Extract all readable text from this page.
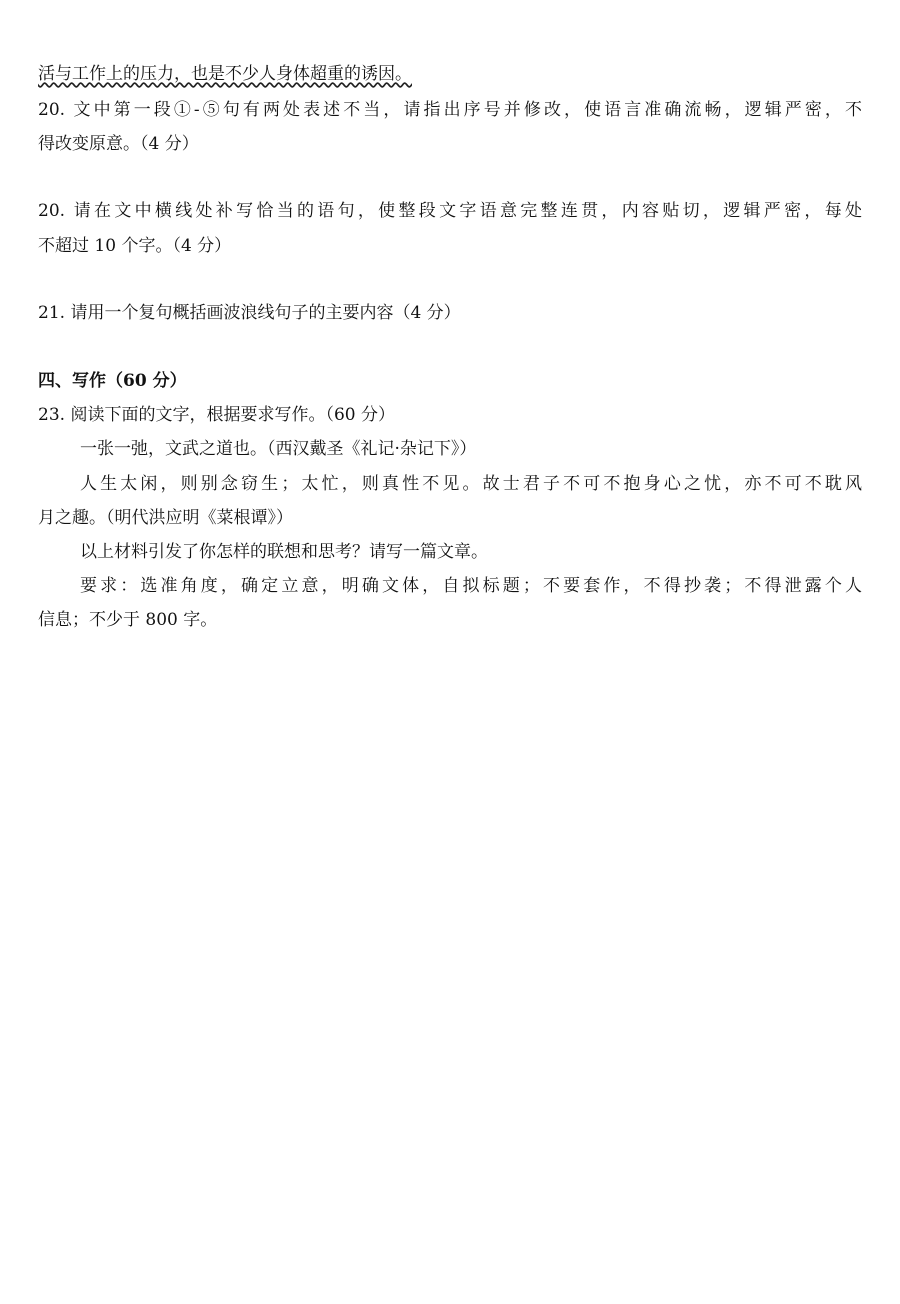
活与工作上的压力，也是不少人身体超重的诱因。
20. 文中第一段①-⑤句有两处表述不当，请指出序号并修改，使语言准确流畅，逻辑严密，不
得改变原意。（4 分）
20. 请在文中横线处补写恰当的语句，使整段文字语意完整连贯，内容贴切，逻辑严密，每处
不超过 10 个字。（4 分）
21. 请用一个复句概括画波浪线句子的主要内容（4 分）
四、写作（60 分）
23. 阅读下面的文字，根据要求写作。（60 分）
一张一弛，文武之道也。（西汉戴圣《礼记·杂记下》）
人生太闲，则别念窃生；太忙，则真性不见。故士君子不可不抱身心之忧，亦不可不耽风
月之趣。（明代洪应明《菜根谭》）
以上材料引发了你怎样的联想和思考？请写一篇文章。
要求：选准角度，确定立意，明确文体，自拟标题；不要套作，不得抄袭；不得泄露个人
信息；不少于 800 字。
